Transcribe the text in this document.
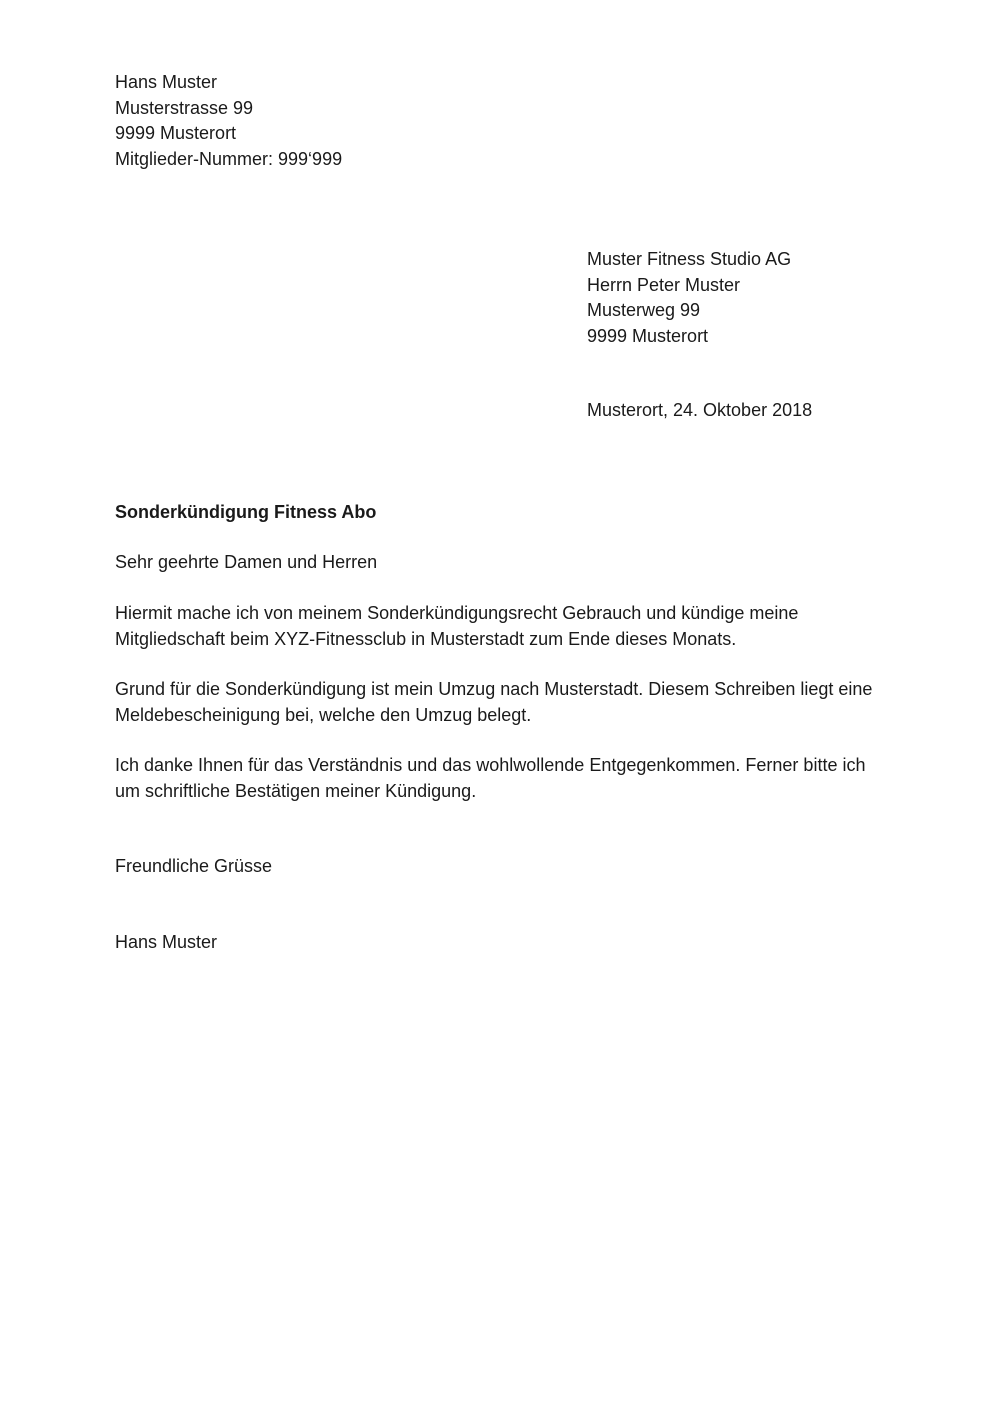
Hans Muster
Musterstrasse 99
9999 Musterort
Mitglieder-Nummer: 999‘999
Muster Fitness Studio AG
Herrn Peter Muster
Musterweg 99
9999 Musterort
Musterort, 24. Oktober 2018
Sonderkündigung Fitness Abo
Sehr geehrte Damen und Herren
Hiermit mache ich von meinem Sonderkündigungsrecht Gebrauch und kündige meine
Mitgliedschaft beim XYZ-Fitnessclub in Musterstadt zum Ende dieses Monats.
Grund für die Sonderkündigung ist mein Umzug nach Musterstadt. Diesem Schreiben liegt eine
Meldebescheinigung bei, welche den Umzug belegt.
Ich danke Ihnen für das Verständnis und das wohlwollende Entgegenkommen. Ferner bitte ich
um schriftliche Bestätigen meiner Kündigung.
Freundliche Grüsse
Hans Muster
